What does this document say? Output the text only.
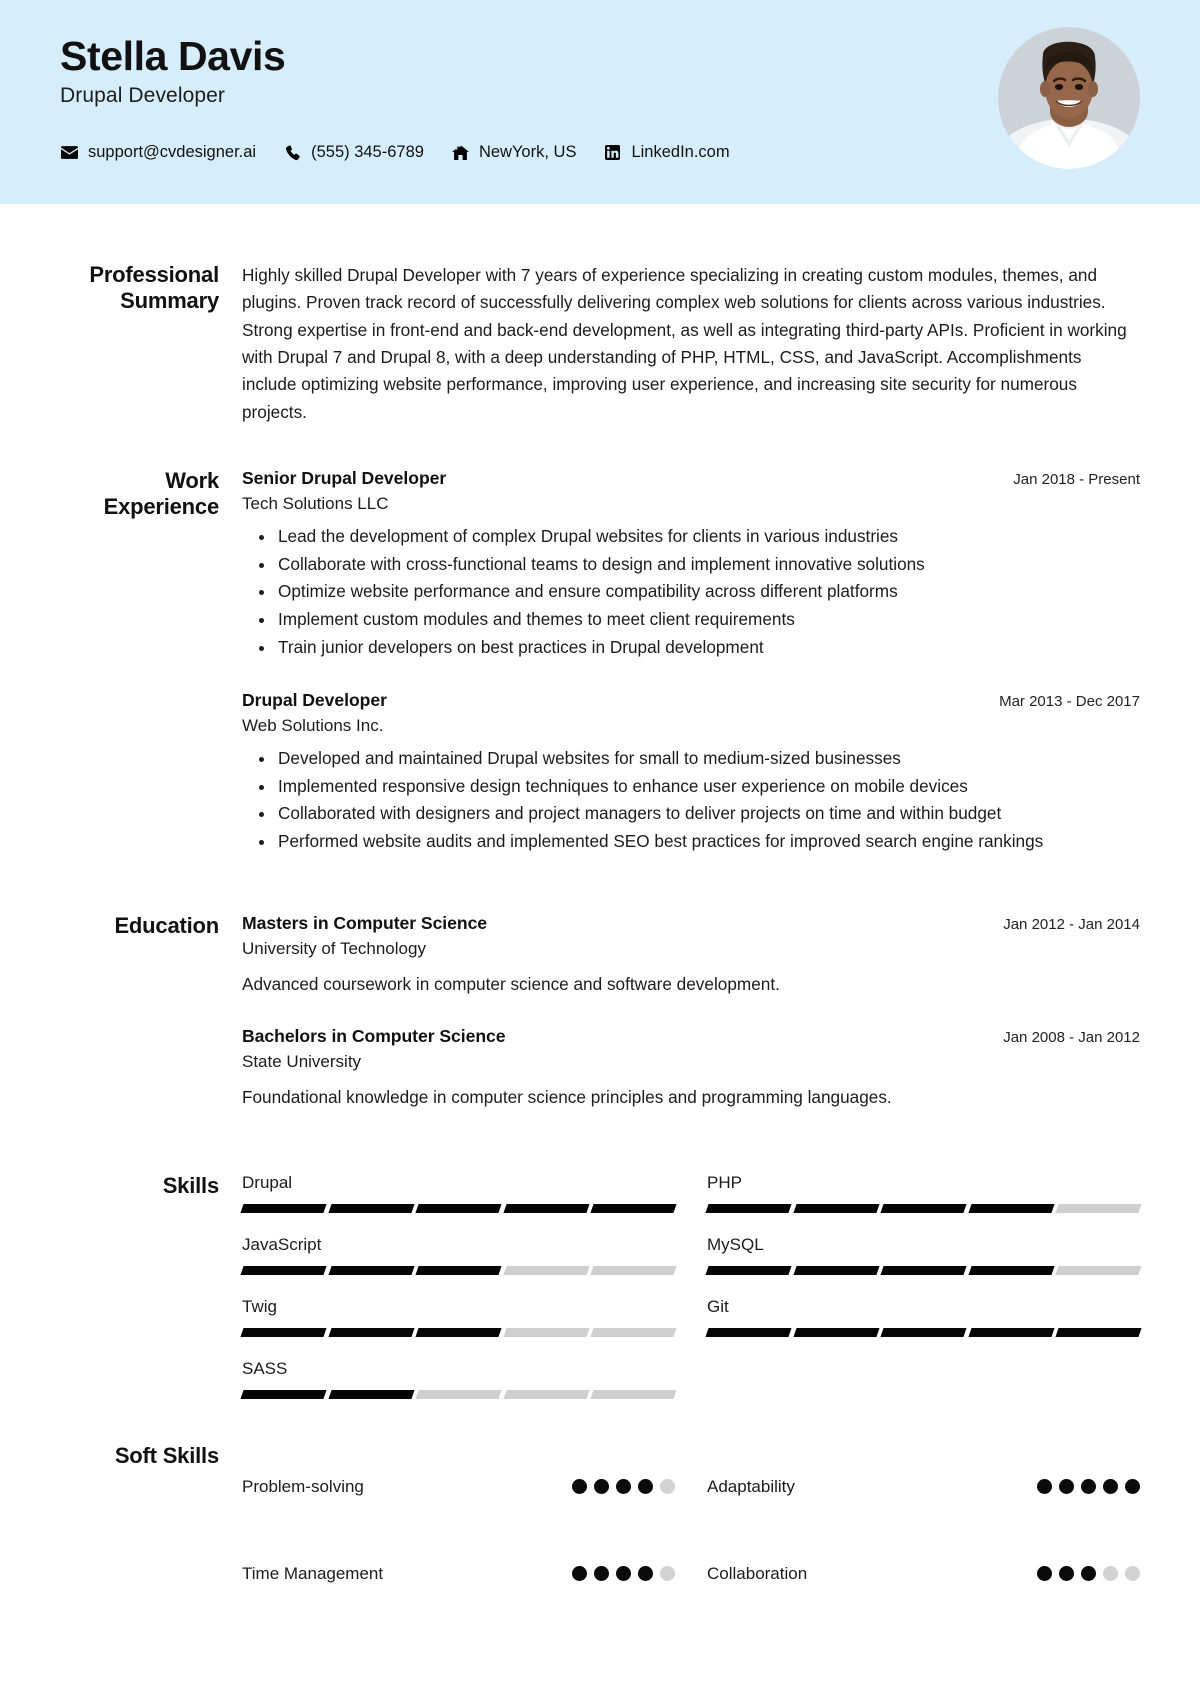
Stella Davis
Drupal Developer
support@cvdesigner.ai	(555) 345-6789	NewYork, US	LinkedIn.com
Professional Summary
Highly skilled Drupal Developer with 7 years of experience specializing in creating custom modules, themes, and plugins. Proven track record of successfully delivering complex web solutions for clients across various industries. Strong expertise in front-end and back-end development, as well as integrating third-party APIs. Proficient in working with Drupal 7 and Drupal 8, with a deep understanding of PHP, HTML, CSS, and JavaScript. Accomplishments include optimizing website performance, improving user experience, and increasing site security for numerous projects.
Work Experience
Senior Drupal Developer	Jan 2018 - Present
Tech Solutions LLC
Lead the development of complex Drupal websites for clients in various industries
Collaborate with cross-functional teams to design and implement innovative solutions
Optimize website performance and ensure compatibility across different platforms
Implement custom modules and themes to meet client requirements
Train junior developers on best practices in Drupal development
Drupal Developer	Mar 2013 - Dec 2017
Web Solutions Inc.
Developed and maintained Drupal websites for small to medium-sized businesses
Implemented responsive design techniques to enhance user experience on mobile devices
Collaborated with designers and project managers to deliver projects on time and within budget
Performed website audits and implemented SEO best practices for improved search engine rankings
Education	Masters in Computer Science	Jan 2012 - Jan 2014
University of Technology
Advanced coursework in computer science and software development.
Bachelors in Computer Science	Jan 2008 - Jan 2012
State University
Foundational knowledge in computer science principles and programming languages.
Skills	Drupal	PHP
JavaScript	MySQL
Twig	Git
SASS
Soft Skills
Problem-solving	Adaptability
Time Management	Collaboration
